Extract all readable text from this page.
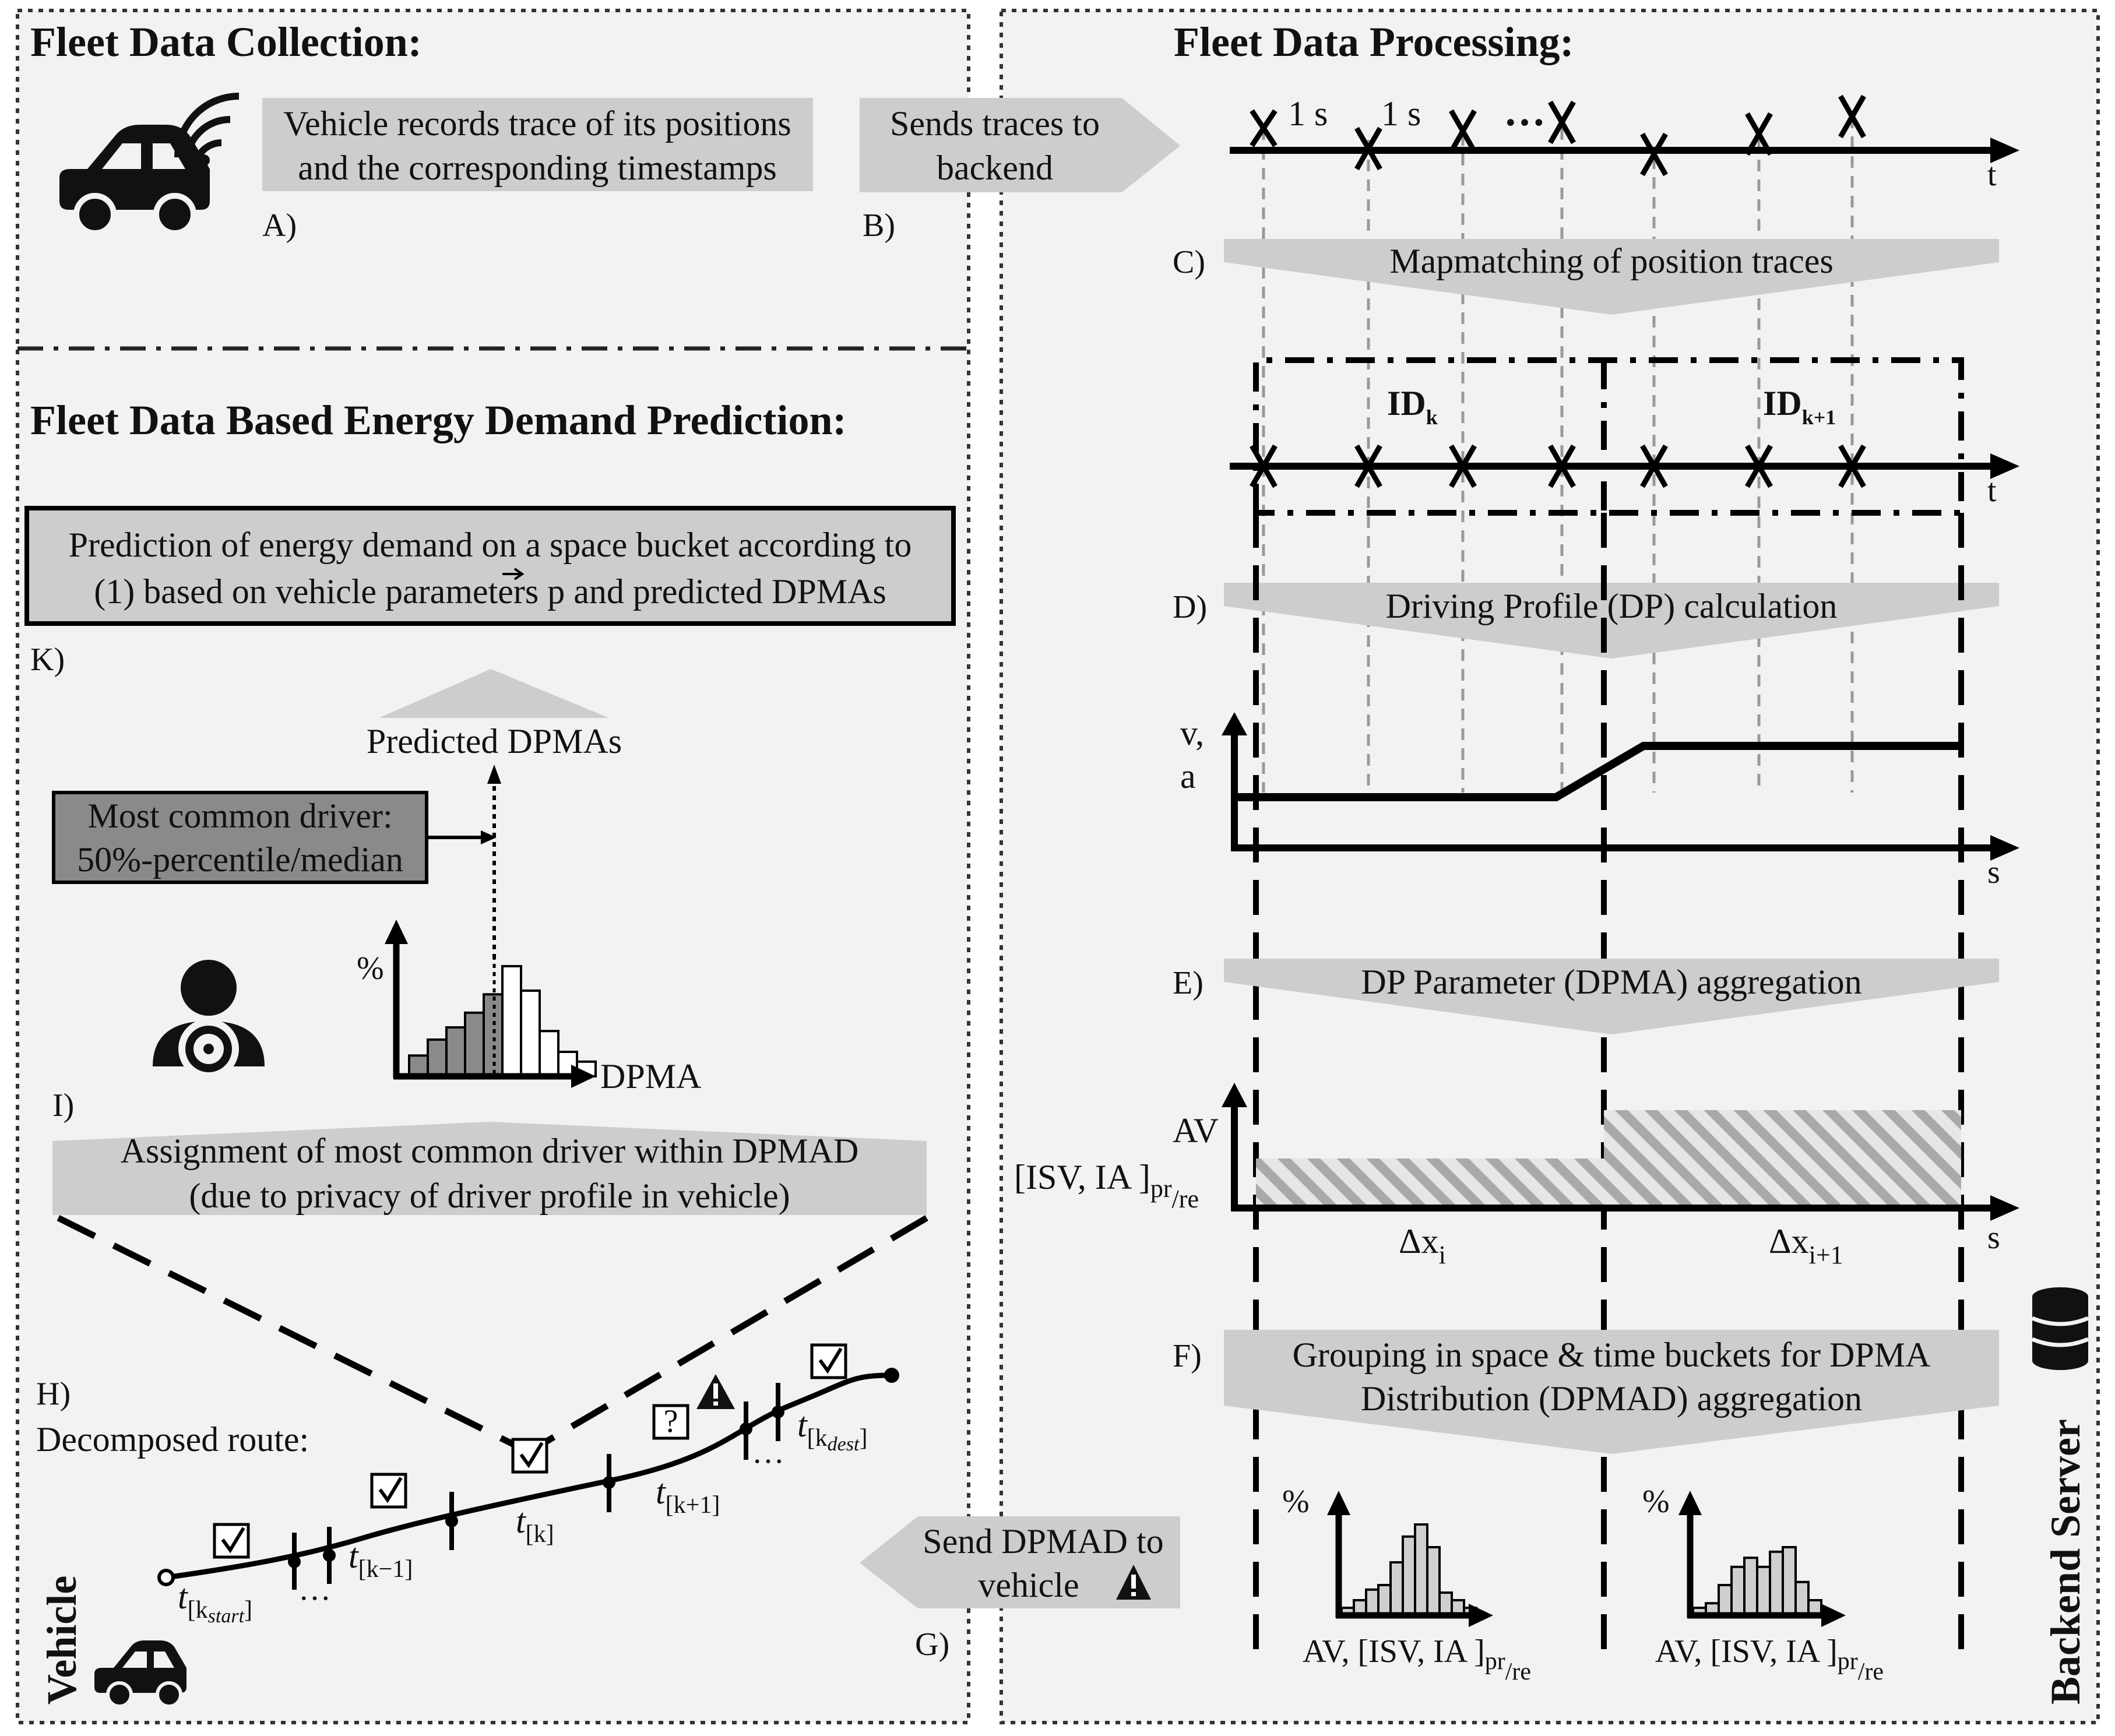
Fleet Data Collection:	Fleet Data Processing:
Fleet Data Based Energy Demand Prediction:
Vehicle records trace of its positions
and the corresponding timestamps
A)
Sends traces to
backend
B)
t
1 s 1 s …
Mapmatching of position traces
C)
$ID_k$	$ID_{k+1}$
t
Driving Profile (DP) calculation
D)
v,
a
s
DP Parameter (DPMA) aggregation
E)
AV
[ISV, IA ]$_{pr/re}$
s
$\Delta x_i$	$\Delta x_{i+1}$
Grouping in space & time buckets for DPMA
Distribution (DPMAD) aggregation
F)
%
AV, [ISV, IA ]$_{pr/re}$
%
AV, [ISV, IA ]$_{pr/re}$	Backend Server
Send DPMAD to
vehicle
G)
Prediction of energy demand on a space bucket according to
(1) based on vehicle parameters p and predicted DPMAs
K)
Predicted DPMAs
Most common driver:
50%-percentile/median
%
DPMA
I)
Assignment of most common driver within DPMAD
(due to privacy of driver profile in vehicle)
H)
Decomposed route:	?
$t_{[k}start$]
…
$t_{[k-1]}$
$t_{[k]}$
$t_{[k+1]}$
…
$t_{[k}dest$]
Vehicle
